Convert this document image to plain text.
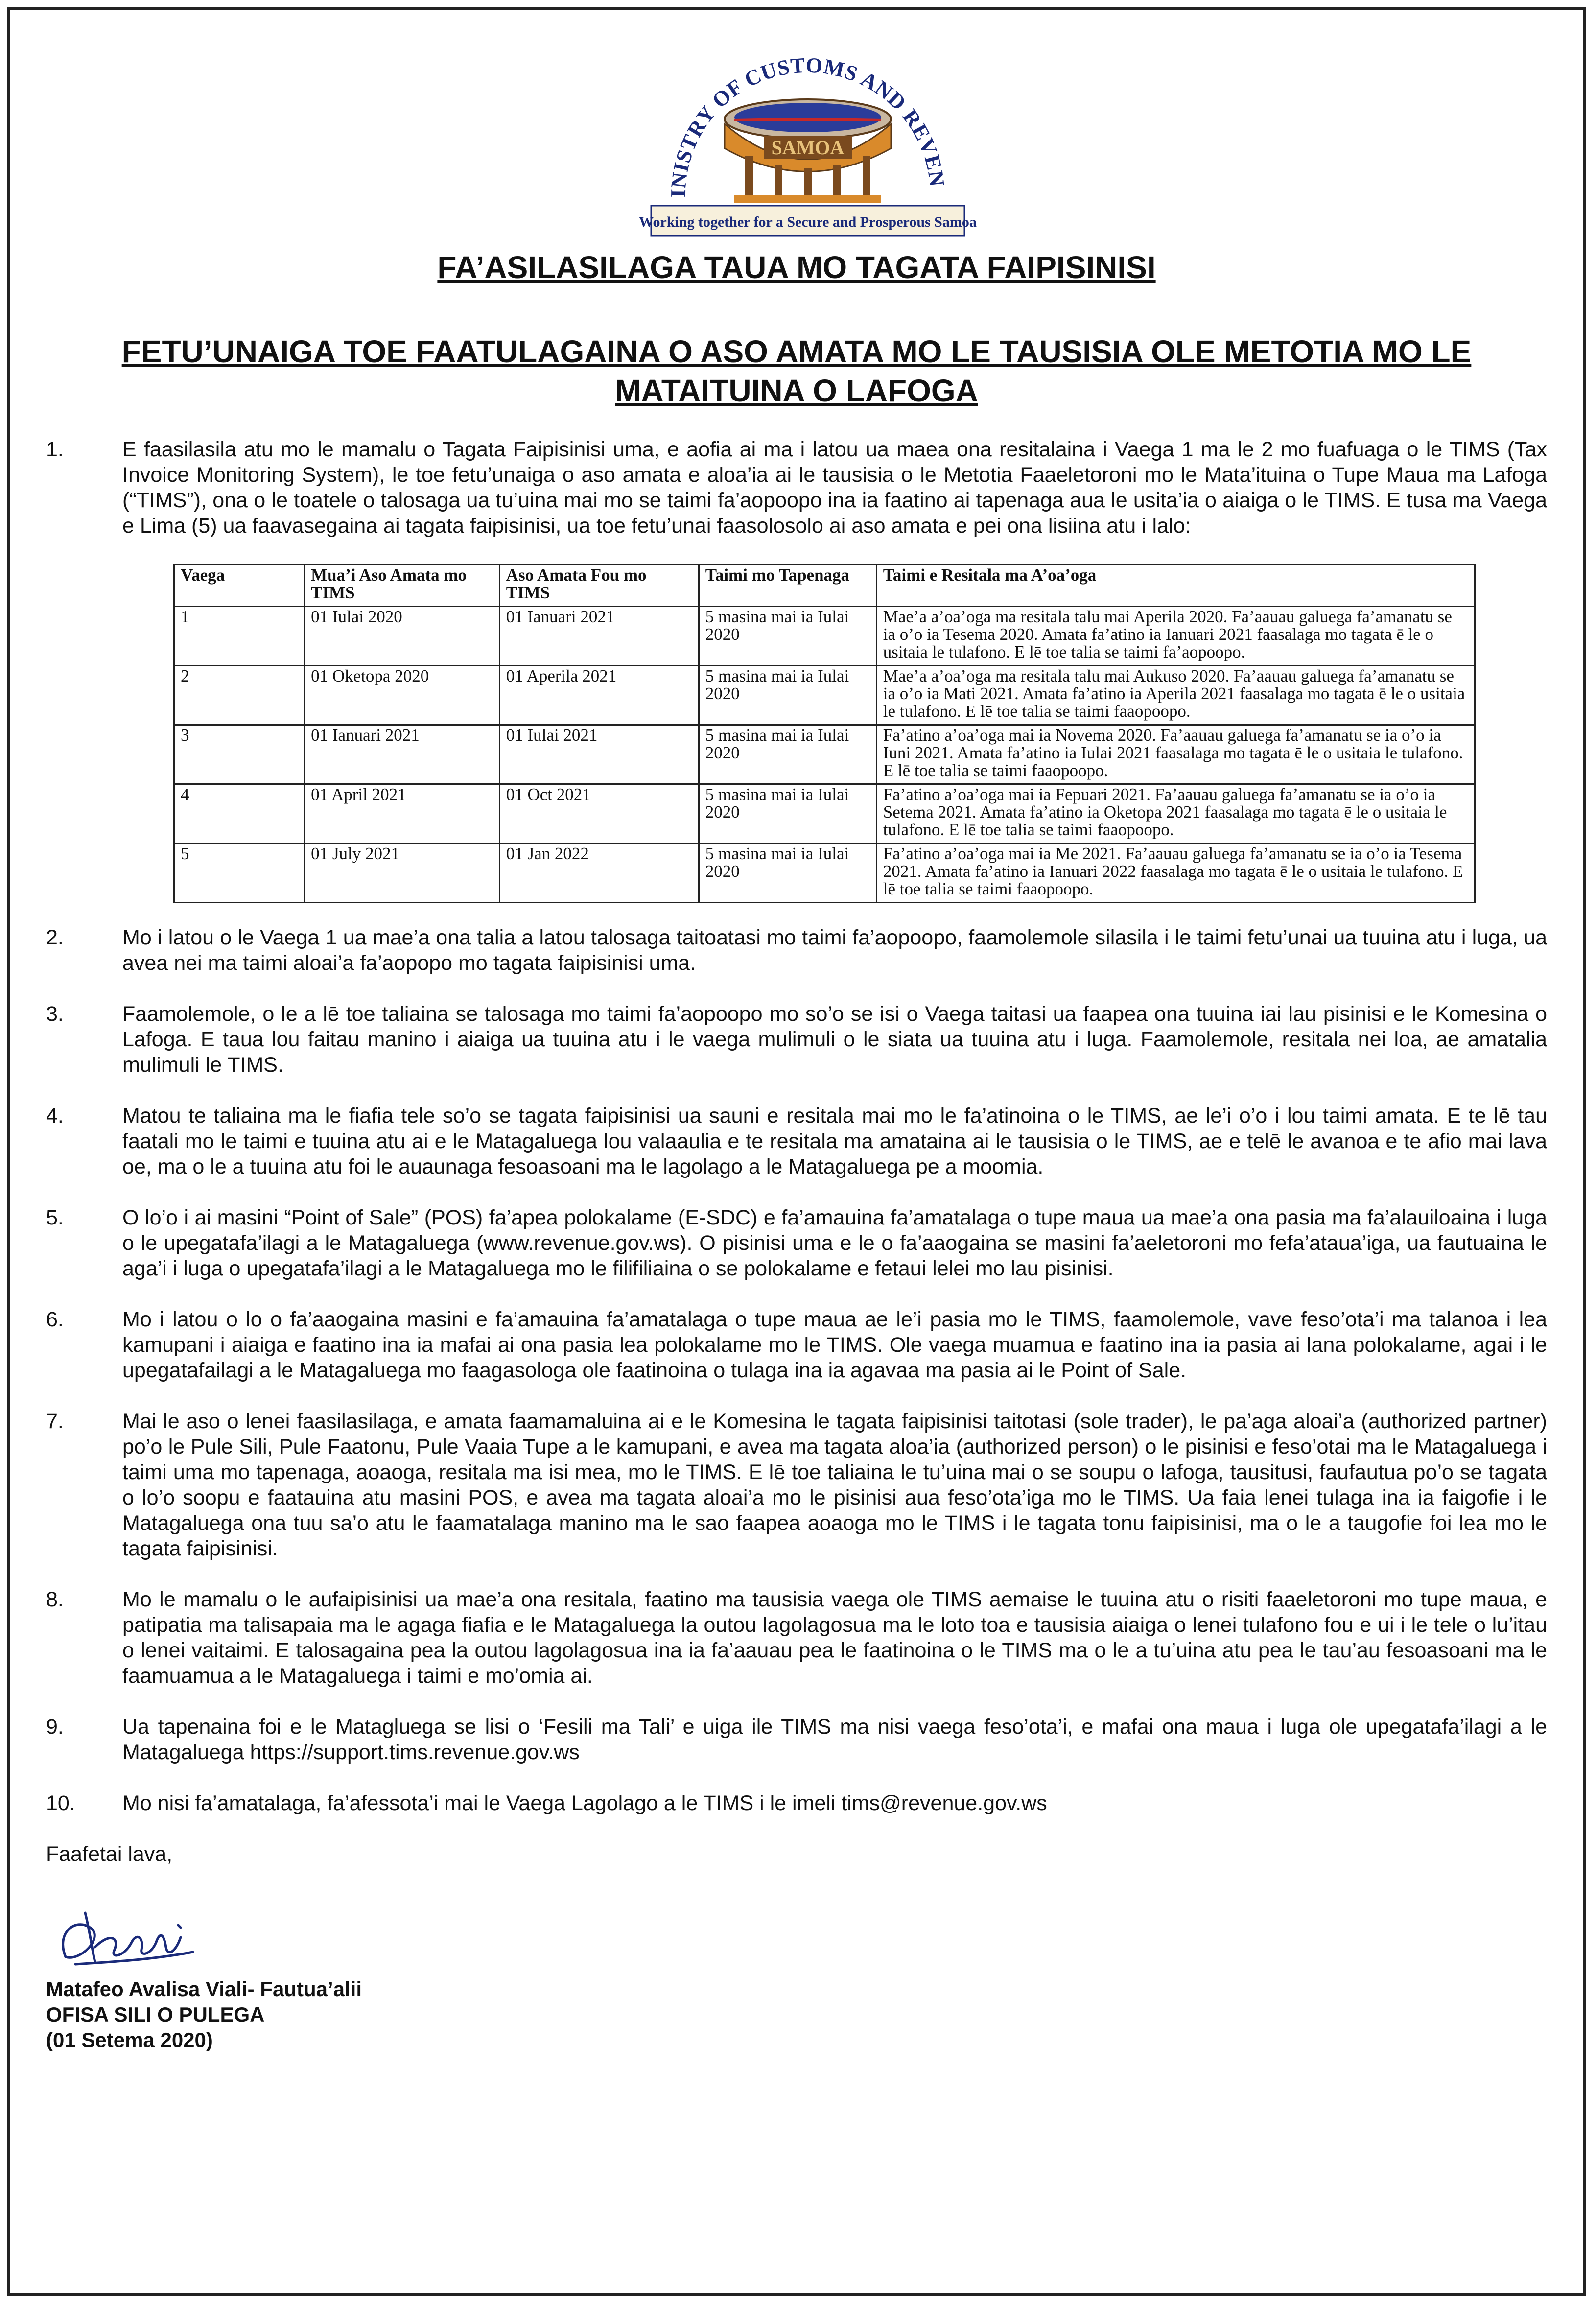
INISTRY OF CUSTOMS AND REVEN
SAMOA
Working together for a Secure and Prosperous Samoa
FA’ASILASILAGA TAUA MO TAGATA FAIPISINISI
FETU’UNAIGA TOE FAATULAGAINA O ASO AMATA MO LE TAUSISIA OLE METOTIA MO LE MATAITUINA O LAFOGA
1.	E faasilasila atu mo le mamalu o Tagata Faipisinisi uma, e aofia ai ma i latou ua maea ona resitalaina i Vaega 1 ma le 2 mo fuafuaga o le TIMS (Tax Invoice Monitoring System), le toe fetu’unaiga o aso amata e aloa’ia ai le tausisia o le Metotia Faaeletoroni mo le Mata’ituina o Tupe Maua ma Lafoga (“TIMS”), ona o le toatele o talosaga ua tu’uina mai mo se taimi fa’aopoopo ina ia faatino ai tapenaga aua le usita’ia o aiaiga o le TIMS. E tusa ma Vaega e Lima (5) ua faavasegaina ai tagata faipisinisi, ua toe fetu’unai faasolosolo ai aso amata e pei ona lisiina atu i lalo:
Vaega	Mua’i Aso Amata mo TIMS	Aso Amata Fou mo TIMS	Taimi mo Tapenaga	Taimi e Resitala ma A’oa’oga
1	01 Iulai 2020	01 Ianuari 2021	5 masina mai ia Iulai 2020	Mae’a a’oa’oga ma resitala talu mai Aperila 2020. Fa’aauau galuega fa’amanatu se ia o’o ia Tesema 2020. Amata fa’atino ia Ianuari 2021 faasalaga mo tagata ē le o usitaia le tulafono. E lē toe talia se taimi fa’aopoopo.
2	01 Oketopa 2020	01 Aperila 2021	5 masina mai ia Iulai 2020	Mae’a a’oa’oga ma resitala talu mai Aukuso 2020. Fa’aauau galuega fa’amanatu se ia o’o ia Mati 2021. Amata fa’atino ia Aperila 2021 faasalaga mo tagata ē le o usitaia le tulafono. E lē toe talia se taimi faaopoopo.
3	01 Ianuari 2021	01 Iulai 2021	5 masina mai ia Iulai 2020	Fa’atino a’oa’oga mai ia Novema 2020. Fa’aauau galuega fa’amanatu se ia o’o ia Iuni 2021. Amata fa’atino ia Iulai 2021 faasalaga mo tagata ē le o usitaia le tulafono. E lē toe talia se taimi faaopoopo.
4	01 April 2021	01 Oct 2021	5 masina mai ia Iulai 2020	Fa’atino a’oa’oga mai ia Fepuari 2021. Fa’aauau galuega fa’amanatu se ia o’o ia Setema 2021. Amata fa’atino ia Oketopa 2021 faasalaga mo tagata ē le o usitaia le tulafono. E lē toe talia se taimi faaopoopo.
5	01 July 2021	01 Jan 2022	5 masina mai ia Iulai 2020	Fa’atino a’oa’oga mai ia Me 2021. Fa’aauau galuega fa’amanatu se ia o’o ia Tesema 2021. Amata fa’atino ia Ianuari 2022 faasalaga mo tagata ē le o usitaia le tulafono. E lē toe talia se taimi faaopoopo.
2.	Mo i latou o le Vaega 1 ua mae’a ona talia a latou talosaga taitoatasi mo taimi fa’aopoopo, faamolemole silasila i le taimi fetu’unai ua tuuina atu i luga, ua avea nei ma taimi aloai’a fa’aopopo mo tagata faipisinisi uma.
3.	Faamolemole, o le a lē toe taliaina se talosaga mo taimi fa’aopoopo mo so’o se isi o Vaega taitasi ua faapea ona tuuina iai lau pisinisi e le Komesina o Lafoga. E taua lou faitau manino i aiaiga ua tuuina atu i le vaega mulimuli o le siata ua tuuina atu i luga. Faamolemole, resitala nei loa, ae amatalia mulimuli le TIMS.
4.	Matou te taliaina ma le fiafia tele so’o se tagata faipisinisi ua sauni e resitala mai mo le fa’atinoina o le TIMS, ae le’i o’o i lou taimi amata. E te lē tau faatali mo le taimi e tuuina atu ai e le Matagaluega lou valaaulia e te resitala ma amataina ai le tausisia o le TIMS, ae e telē le avanoa e te afio mai lava oe, ma o le a tuuina atu foi le auaunaga fesoasoani ma le lagolago a le Matagaluega pe a moomia.
5.	O lo’o i ai masini “Point of Sale” (POS) fa’apea polokalame (E-SDC) e fa’amauina fa’amatalaga o tupe maua ua mae’a ona pasia ma fa’alauiloaina i luga o le upegatafa’ilagi a le Matagaluega (www.revenue.gov.ws). O pisinisi uma e le o fa’aaogaina se masini fa’aeletoroni mo fefa’ataua’iga, ua fautuaina le aga’i i luga o upegatafa’ilagi a le Matagaluega mo le filifiliaina o se polokalame e fetaui lelei mo lau pisinisi.
6.	Mo i latou o lo o fa’aaogaina masini e fa’amauina fa’amatalaga o tupe maua ae le’i pasia mo le TIMS, faamolemole, vave feso’ota’i ma talanoa i lea kamupani i aiaiga e faatino ina ia mafai ai ona pasia lea polokalame mo le TIMS. Ole vaega muamua e faatino ina ia pasia ai lana polokalame, agai i le upegatafailagi a le Matagaluega mo faagasologa ole faatinoina o tulaga ina ia agavaa ma pasia ai le Point of Sale.
7.	Mai le aso o lenei faasilasilaga, e amata faamamaluina ai e le Komesina le tagata faipisinisi taitotasi (sole trader), le pa’aga aloai’a (authorized partner) po’o le Pule Sili, Pule Faatonu, Pule Vaaia Tupe a le kamupani, e avea ma tagata aloa’ia (authorized person) o le pisinisi e feso’otai ma le Matagaluega i taimi uma mo tapenaga, aoaoga, resitala ma isi mea, mo le TIMS. E lē toe taliaina le tu’uina mai o se soupu o lafoga, tausitusi, faufautua po’o se tagata o lo’o soopu e faatauina atu masini POS, e avea ma tagata aloai’a mo le pisinisi aua feso’ota’iga mo le TIMS. Ua faia lenei tulaga ina ia faigofie i le Matagaluega ona tuu sa’o atu le faamatalaga manino ma le sao faapea aoaoga mo le TIMS i le tagata tonu faipisinisi, ma o le a taugofie foi lea mo le tagata faipisinisi.
8.	Mo le mamalu o le aufaipisinisi ua mae’a ona resitala, faatino ma tausisia vaega ole TIMS aemaise le tuuina atu o risiti faaeletoroni mo tupe maua, e patipatia ma talisapaia ma le agaga fiafia e le Matagaluega la outou lagolagosua ma le loto toa e tausisia aiaiga o lenei tulafono fou e ui i le tele o lu’itau o lenei vaitaimi. E talosagaina pea la outou lagolagosua ina ia fa’aauau pea le faatinoina o le TIMS ma o le a tu’uina atu pea le tau’au fesoasoani ma le faamuamua a le Matagaluega i taimi e mo’omia ai.
9.	Ua tapenaina foi e le Matagluega se lisi o ‘Fesili ma Tali’ e uiga ile TIMS ma nisi vaega feso’ota’i, e mafai ona maua i luga ole upegatafa’ilagi a le Matagaluega https://support.tims.revenue.gov.ws
10.	Mo nisi fa’amatalaga, fa’afessota’i mai le Vaega Lagolago a le TIMS i le imeli tims@revenue.gov.ws
Faafetai lava,
Matafeo Avalisa Viali- Fautua’alii
OFISA SILI O PULEGA
(01 Setema 2020)
